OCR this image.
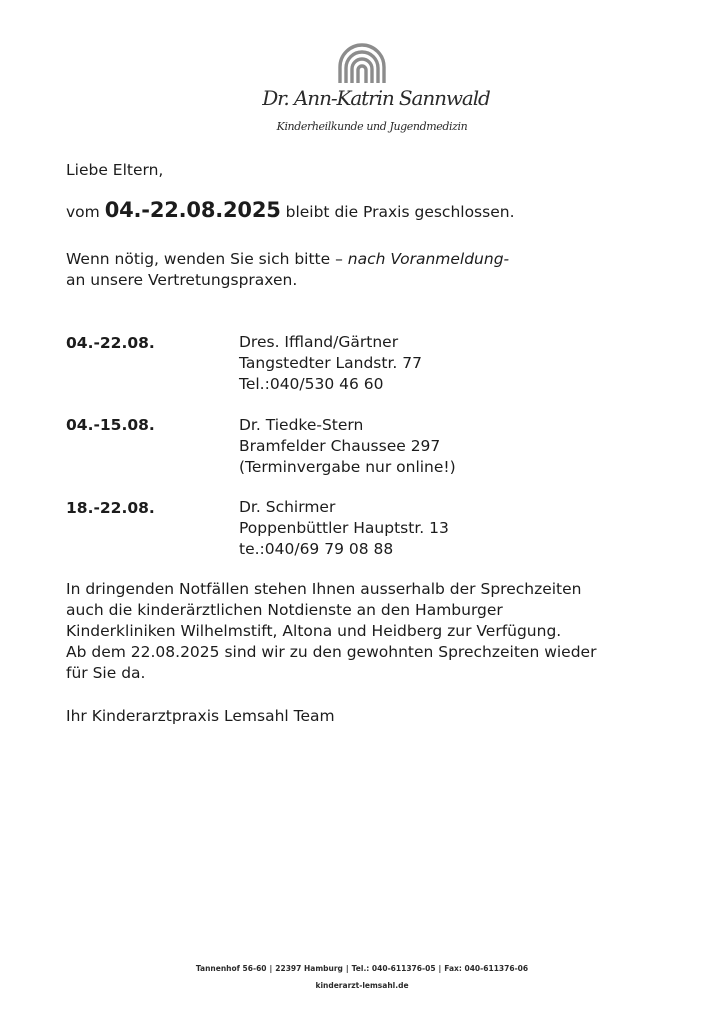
Dr. Ann-Katrin Sannwald
Kinderheilkunde und Jugendmedizin
Liebe Eltern,
vom 04.-22.08.2025 bleibt die Praxis geschlossen.
Wenn nötig, wenden Sie sich bitte – nach Voranmeldung-
an unsere Vertretungspraxen.
04.-22.08.	Dres. Iffland/Gärtner
Tangstedter Landstr. 77
Tel.:040/530 46 60
04.-15.08.	Dr. Tiedke-Stern
Bramfelder Chaussee 297
(Terminvergabe nur online!)
18.-22.08.	Dr. Schirmer
Poppenbüttler Hauptstr. 13
te.:040/69 79 08 88
In dringenden Notfällen stehen Ihnen ausserhalb der Sprechzeiten
auch die kinderärztlichen Notdienste an den Hamburger
Kinderkliniken Wilhelmstift, Altona und Heidberg zur Verfügung.
Ab dem 22.08.2025 sind wir zu den gewohnten Sprechzeiten wieder
für Sie da.
Ihr Kinderarztpraxis Lemsahl Team
Tannenhof 56-60 | 22397 Hamburg | Tel.: 040-611376-05 | Fax: 040-611376-06
kinderarzt-lemsahl.de
